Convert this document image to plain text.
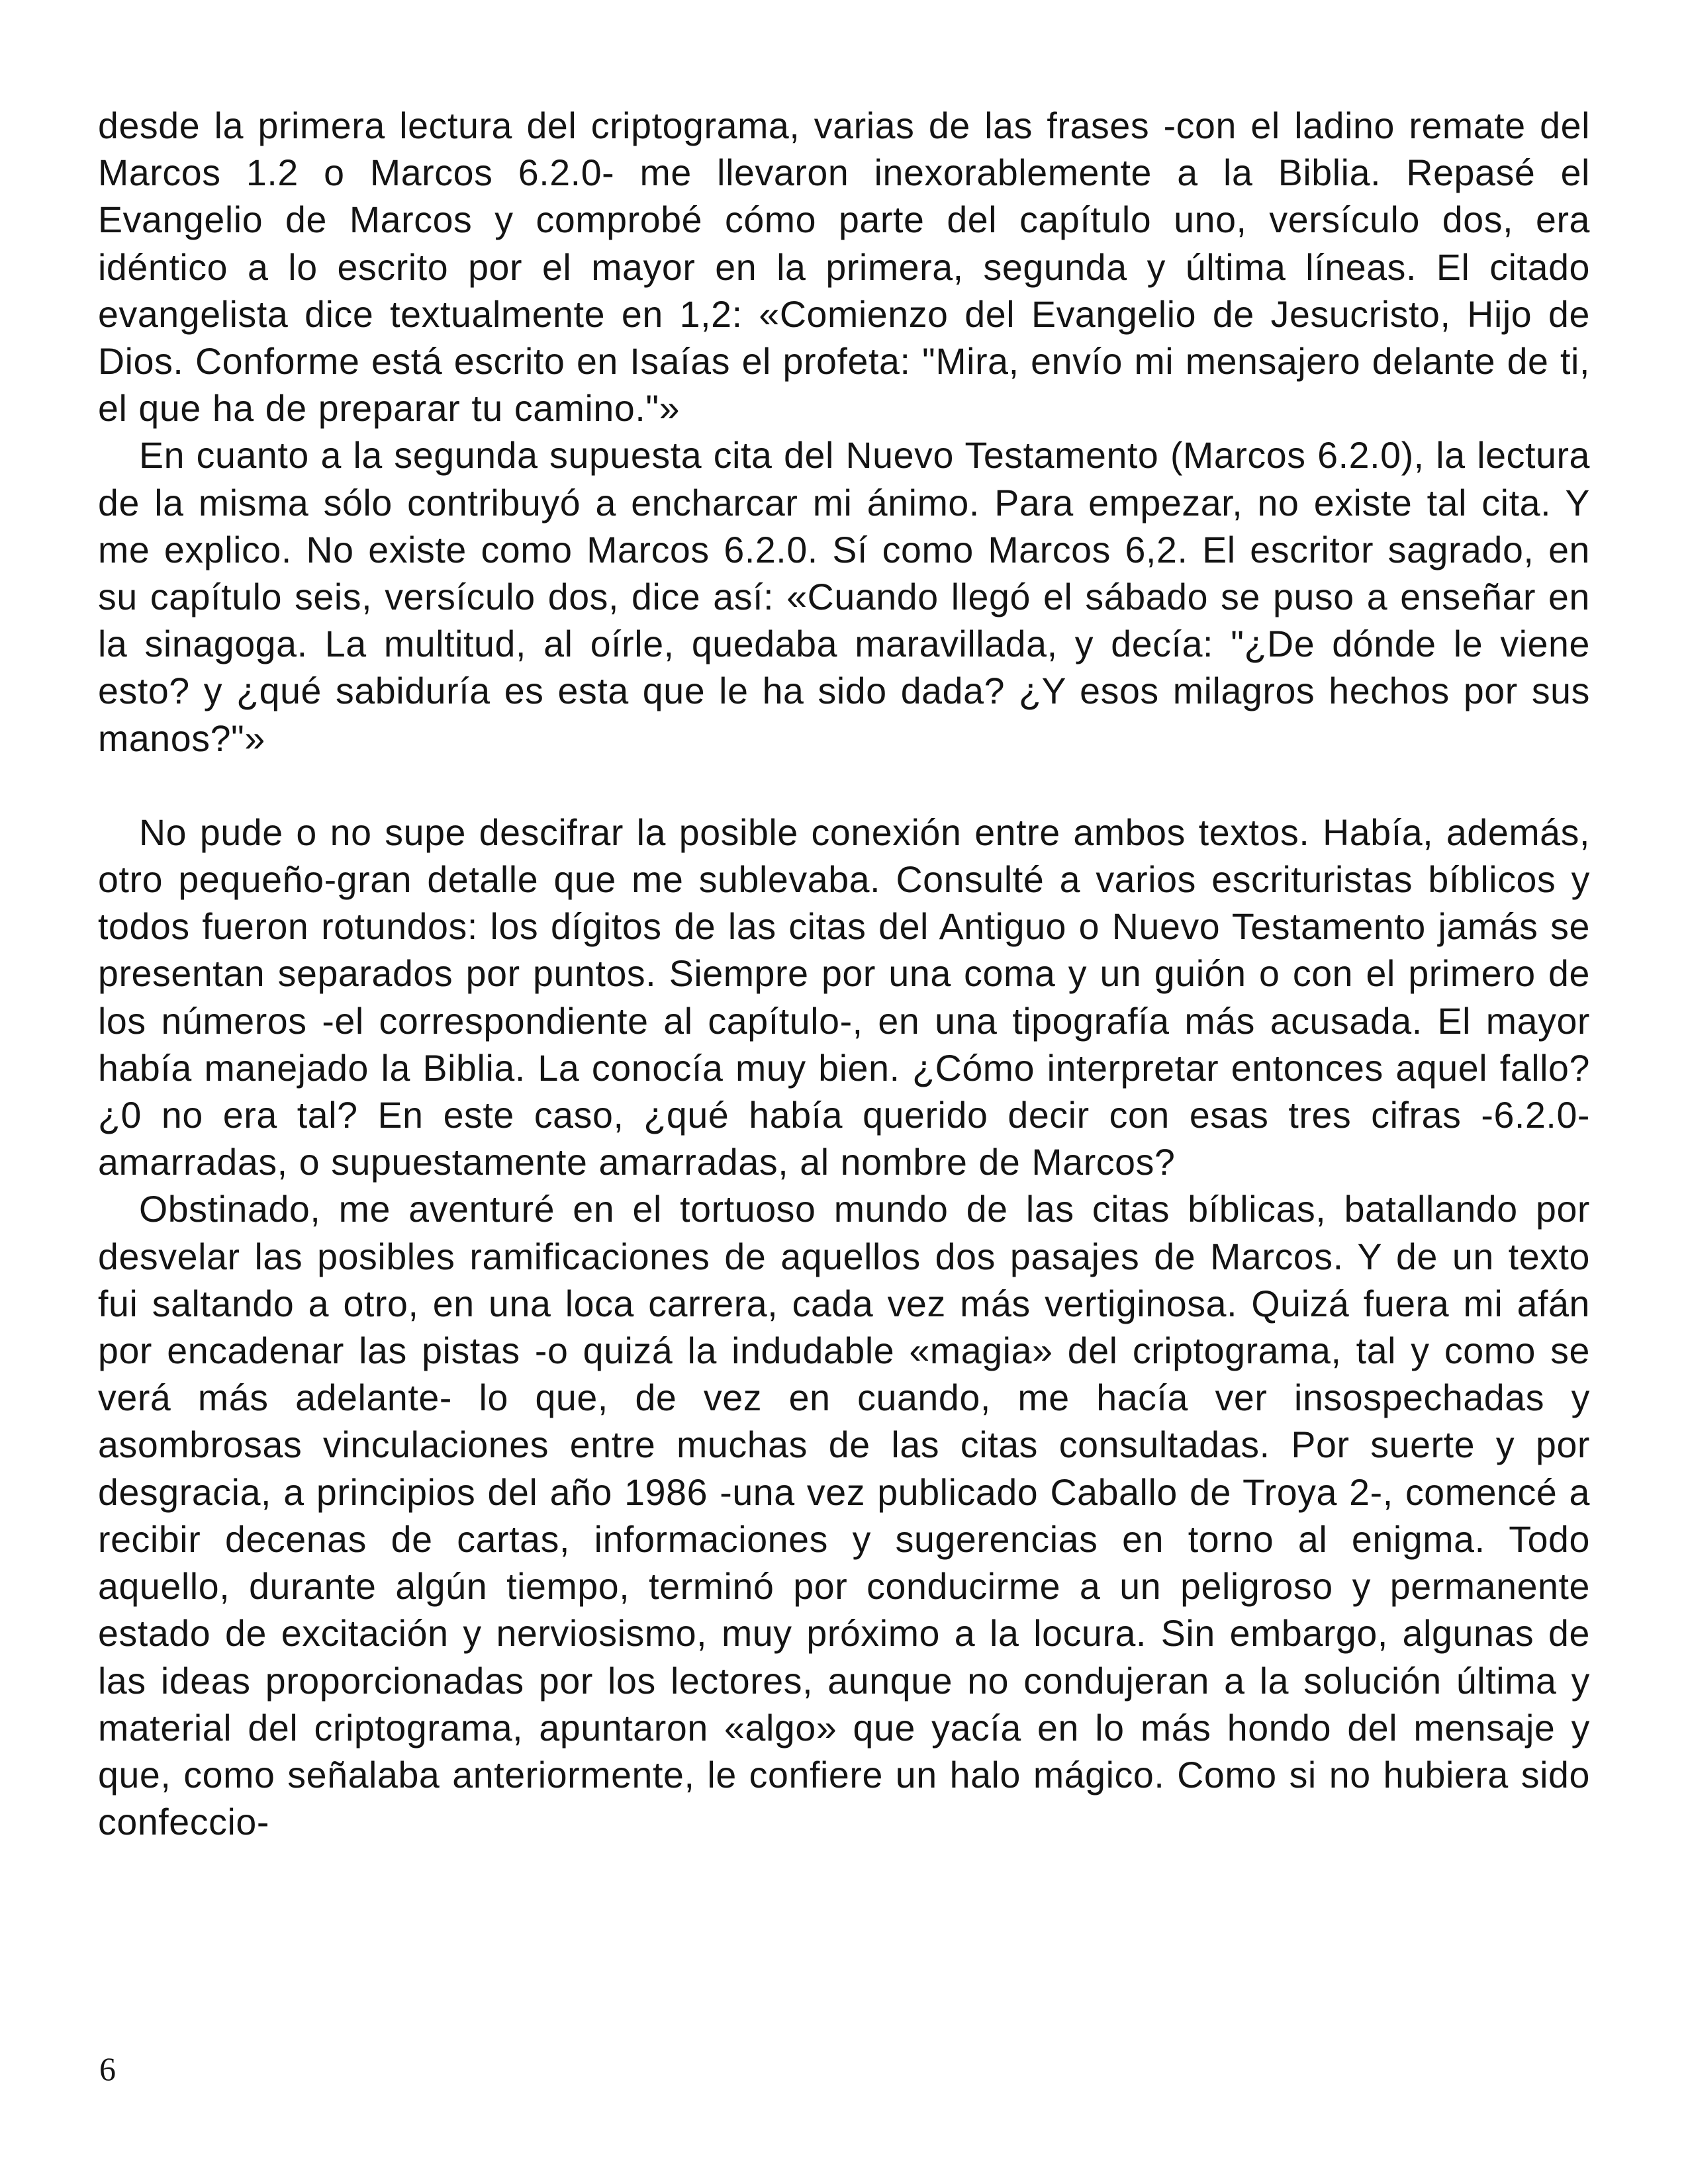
desde la primera lectura del criptograma, varias de las frases -con el ladino remate del Marcos 1.2 o Marcos 6.2.0- me llevaron inexorablemente a la Biblia. Repasé el Evangelio de Marcos y comprobé cómo parte del capítulo uno, versículo dos, era idéntico a lo escrito por el mayor en la primera, segunda y última líneas. El citado evangelista dice textualmente en 1,2: «Comienzo del Evangelio de Jesucristo, Hijo de Dios. Conforme está escrito en Isaías el profeta: "Mira, envío mi mensajero delante de ti, el que ha de preparar tu camino."»

En cuanto a la segunda supuesta cita del Nuevo Testamento (Marcos 6.2.0), la lectura de la misma sólo contribuyó a encharcar mi ánimo. Para empezar, no existe tal cita. Y me explico. No existe como Marcos 6.2.0. Sí como Marcos 6,2. El escritor sagrado, en su capítulo seis, versículo dos, dice así: «Cuando llegó el sábado se puso a enseñar en la sinagoga. La multitud, al oírle, quedaba maravillada, y decía: "¿De dónde le viene esto? y ¿qué sabiduría es esta que le ha sido dada? ¿Y esos milagros hechos por sus manos?"»

No pude o no supe descifrar la posible conexión entre ambos textos. Había, además, otro pequeño-gran detalle que me sublevaba. Consulté a varios escrituristas bíblicos y todos fueron rotundos: los dígitos de las citas del Antiguo o Nuevo Testamento jamás se presentan separados por puntos. Siempre por una coma y un guión o con el primero de los números -el correspondiente al capítulo-, en una tipografía más acusada. El mayor había manejado la Biblia. La conocía muy bien. ¿Cómo interpretar entonces aquel fallo? ¿0 no era tal? En este caso, ¿qué había querido decir con esas tres cifras -6.2.0- amarradas, o supuestamente amarradas, al nombre de Marcos?

Obstinado, me aventuré en el tortuoso mundo de las citas bíblicas, batallando por desvelar las posibles ramificaciones de aquellos dos pasajes de Marcos. Y de un texto fui saltando a otro, en una loca carrera, cada vez más vertiginosa. Quizá fuera mi afán por encadenar las pistas -o quizá la indudable «magia» del criptograma, tal y como se verá más adelante- lo que, de vez en cuando, me hacía ver insospechadas y asombrosas vinculaciones entre muchas de las citas consultadas. Por suerte y por desgracia, a principios del año 1986 -una vez publicado Caballo de Troya 2-, comencé a recibir decenas de cartas, informaciones y sugerencias en torno al enigma. Todo aquello, durante algún tiempo, terminó por conducirme a un peligroso y permanente estado de excitación y nerviosismo, muy próximo a la locura. Sin embargo, algunas de las ideas proporcionadas por los lectores, aunque no condujeran a la solución última y material del criptograma, apuntaron «algo» que yacía en lo más hondo del mensaje y que, como señalaba anteriormente, le confiere un halo mágico. Como si no hubiera sido confeccio-

6
